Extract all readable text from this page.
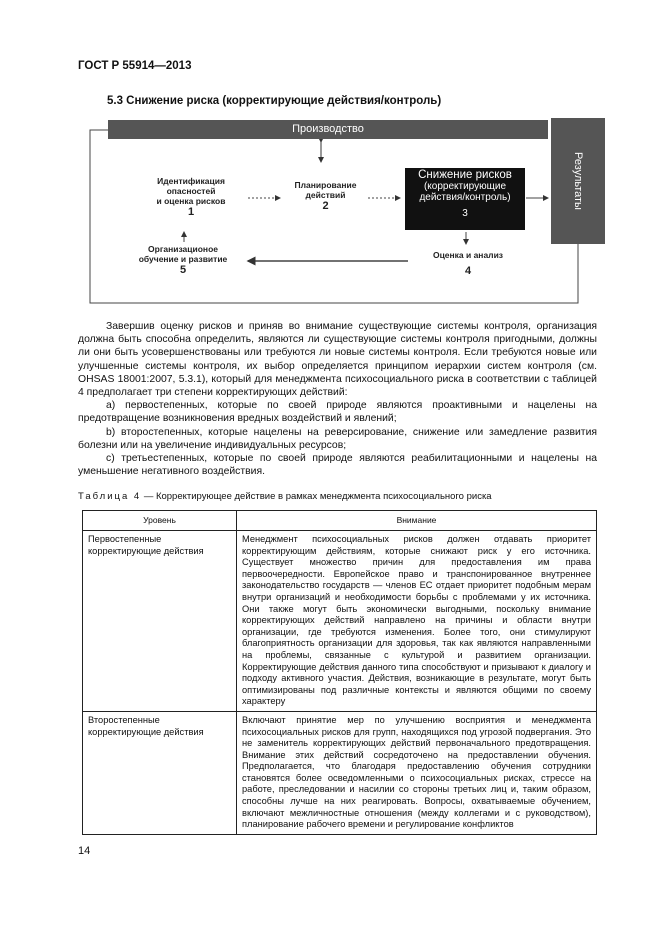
ГОСТ Р 55914—2013
5.3 Снижение риска (корректирующие действия/контроль)
Производство
Результаты
Идентификация
опасностей
и оценка рисков
1
Планирование
действий
2
Снижение рисков
(корректирующие
действия/контроль)
3
Оценка и анализ
4
Организационое
обучение и развитие
5

Завершив оценку рисков и приняв во внимание существующие системы контроля, организация должна быть способна определить, являются ли существующие системы контроля пригодными, должны ли они быть усовершенствованы или требуются ли новые системы контроля. Если требуются новые или улучшенные системы контроля, их выбор определяется принципом иерархии систем контроля (см. OHSAS 18001:2007, 5.3.1), который для менеджмента психосоциального риска в соответствии с таблицей 4 предполагает три степени корректирующих действий:

а) первостепенных, которые по своей природе являются проактивными и нацелены на предотвращение возникновения вредных воздействий и явлений;

b) второстепенных, которые нацелены на реверсирование, снижение или замедление развития болезни или на увеличение индивидуальных ресурсов;

с) третьестепенных, которые по своей природе являются реабилитационными и нацелены на уменьшение негативного воздействия.

Таблица 4 — Корректирующее действие в рамках менеджмента психосоциального риска
Уровень	Внимание
Первостепенные корректирующие действия	Менеджмент психосоциальных рисков должен отдавать приоритет корректирующим действиям, которые снижают риск у его источника. Существует множество причин для предоставления им права первоочередности. Европейское право и транспонированное внутреннее законодательство государств — членов ЕС отдает приоритет подобным мерам внутри организаций и необходимости борьбы с проблемами у их источника. Они также могут быть экономически выгодными, поскольку внимание корректирующих действий направлено на причины и области внутри организации, где требуются изменения. Более того, они стимулируют благоприятность организации для здоровья, так как являются направленными на проблемы, связанные с культурой и развитием организации. Корректирующие действия данного типа способствуют и призывают к диалогу и подходу активного участия. Действия, возникающие в результате, могут быть оптимизированы под различные контексты и являются общими по своему характеру
Второстепенные корректирующие действия	Включают принятие мер по улучшению восприятия и менеджмента психосоциальных рисков для групп, находящихся под угрозой подвергания. Это не заменитель корректирующих действий первоначального предотвращения. Внимание этих действий сосредоточено на предоставлении обучения. Предполагается, что благодаря предоставлению обучения сотрудники становятся более осведомленными о психосоциальных рисках, стрессе на работе, преследовании и насилии со стороны третьих лиц и, таким образом, способны лучше на них реагировать. Вопросы, охватываемые обучением, включают межличностные отношения (между коллегами и с руководством), планирование рабочего времени и регулирование конфликтов
14
